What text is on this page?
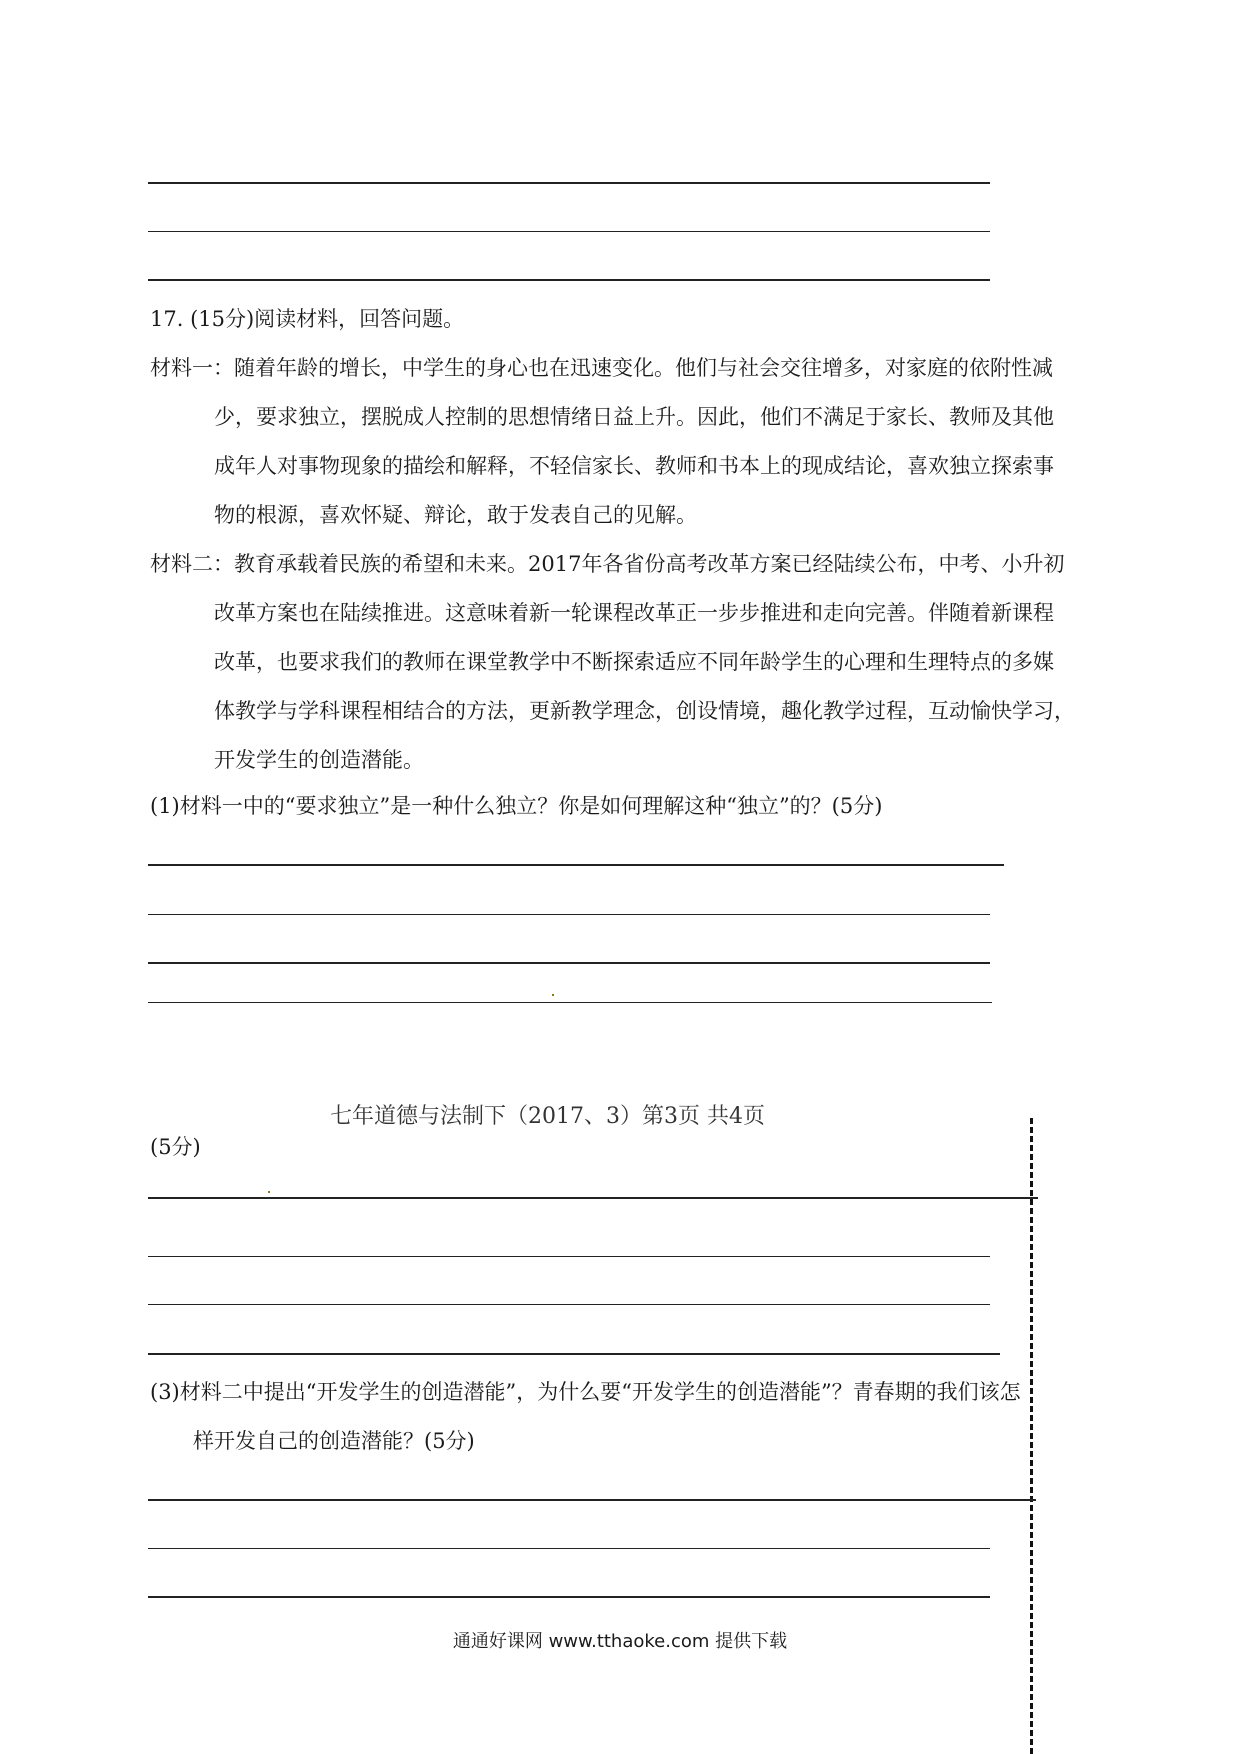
17. (15分)阅读材料，回答问题。
材料一：随着年龄的增长，中学生的身心也在迅速变化。他们与社会交往增多，对家庭的依附性减
少，要求独立，摆脱成人控制的思想情绪日益上升。因此，他们不满足于家长、教师及其他
成年人对事物现象的描绘和解释，不轻信家长、教师和书本上的现成结论，喜欢独立探索事
物的根源，喜欢怀疑、辩论，敢于发表自己的见解。
材料二：教育承载着民族的希望和未来。2017年各省份高考改革方案已经陆续公布，中考、小升初
改革方案也在陆续推进。这意味着新一轮课程改革正一步步推进和走向完善。伴随着新课程
改革，也要求我们的教师在课堂教学中不断探索适应不同年龄学生的心理和生理特点的多媒
体教学与学科课程相结合的方法，更新教学理念，创设情境，趣化教学过程，互动愉快学习，
开发学生的创造潜能。
(1)材料一中的“要求独立”是一种什么独立？你是如何理解这种“独立”的？(5分)
七年道德与法制下（2017、3）第3页 共4页
(5分)
(3)材料二中提出“开发学生的创造潜能”，为什么要“开发学生的创造潜能”？青春期的我们该怎
样开发自己的创造潜能？(5分)
通通好课网 www.tthaoke.com 提供下载
